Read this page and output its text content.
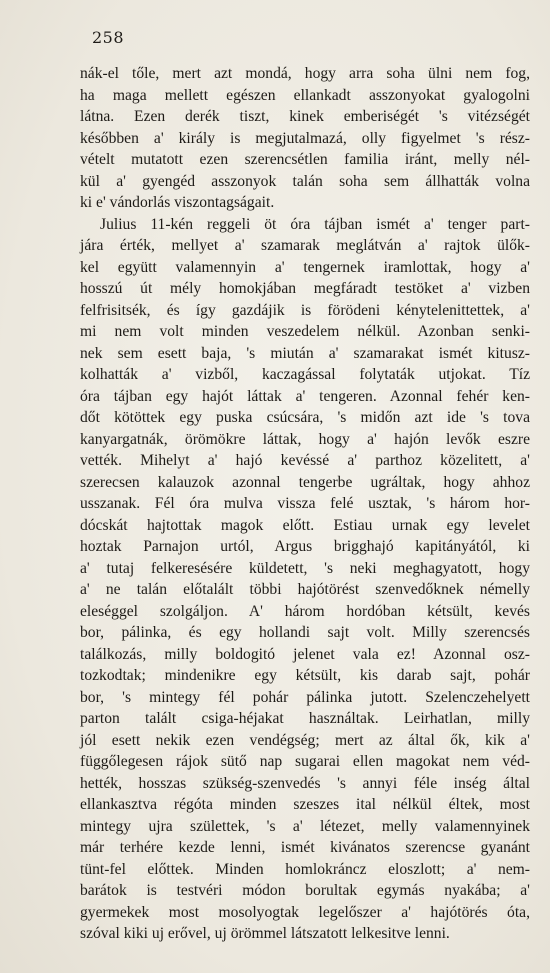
258
nák-el tőle, mert azt mondá, hogy arra soha ülni nem fog,
ha maga mellett egészen ellankadt asszonyokat gyalogolni
látna. Ezen derék tiszt, kinek emberiségét 's vitézségét
későbben a' király is megjutalmazá, olly figyelmet 's rész-
vételt mutatott ezen szerencsétlen familia iránt, melly nél-
kül a' gyengéd asszonyok talán soha sem állhatták volna
ki e' vándorlás viszontagságait.
Julius 11-kén reggeli öt óra tájban ismét a' tenger part-
jára érték, mellyet a' szamarak meglátván a' rajtok ülők-
kel együtt valamennyin a' tengernek iramlottak, hogy a'
hosszú út mély homokjában megfáradt testöket a' vizben
felfrisitsék, és így gazdájik is förödeni kénytelenittettek, a'
mi nem volt minden veszedelem nélkül. Azonban senki-
nek sem esett baja, 's miután a' szamarakat ismét kitusz-
kolhatták a' vizből, kaczagással folytaták utjokat. Tíz
óra tájban egy hajót láttak a' tengeren. Azonnal fehér ken-
dőt kötöttek egy puska csúcsára, 's midőn azt ide 's tova
kanyargatnák, örömökre láttak, hogy a' hajón levők eszre
vették. Mihelyt a' hajó kevéssé a' parthoz közelitett, a'
szerecsen kalauzok azonnal tengerbe ugráltak, hogy ahhoz
usszanak. Fél óra mulva vissza felé usztak, 's három hor-
dócskát hajtottak magok előtt. Estiau urnak egy levelet
hoztak Parnajon urtól, Argus brigghajó kapitányától, ki
a' tutaj felkeresésére küldetett, 's neki meghagyatott, hogy
a' ne talán előtalált többi hajótörést szenvedőknek némelly
eleséggel szolgáljon. A' három hordóban kétsült, kevés
bor, pálinka, és egy hollandi sajt volt. Milly szerencsés
találkozás, milly boldogitó jelenet vala ez! Azonnal osz-
tozkodtak; mindenikre egy kétsült, kis darab sajt, pohár
bor, 's mintegy fél pohár pálinka jutott. Szelenczehelyett
parton talált csiga-héjakat használtak. Leirhatlan, milly
jól esett nekik ezen vendégség; mert az által ők, kik a'
függőlegesen rájok sütő nap sugarai ellen magokat nem véd-
hették, hosszas szükség-szenvedés 's annyi féle inség által
ellankasztva régóta minden szeszes ital nélkül éltek, most
mintegy ujra születtek, 's a' létezet, melly valamennyinek
már terhére kezde lenni, ismét kivánatos szerencse gyanánt
tünt-fel előttek. Minden homlokráncz eloszlott; a' nem-
barátok is testvéri módon borultak egymás nyakába; a'
gyermekek most mosolyogtak legelőszer a' hajótörés óta,
szóval kiki uj erővel, uj örömmel látszatott lelkesitve lenni.
